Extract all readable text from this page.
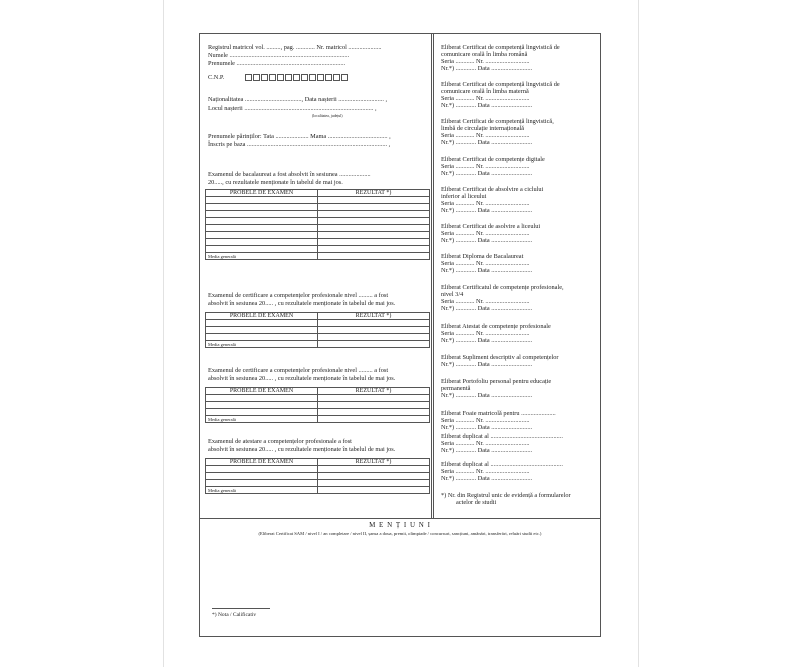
Registrul matricol vol. ........., pag. ............ Nr. matricol .....................
Numele ............................................................................
Prenumele .....................................................................
C.N.P.
Naționalitatea ...................................., Data nașterii ............................. ,
Locul nașterii .................................................................................. ,
(localitatea, județul)
Prenumele părinților: Tata ..................... Mama ...................................... ,
Înscris pe baza ......................................................................................... ,
Examenul de bacalaureat a fost absolvit în sesiunea ....................
20....., cu rezultatele menționate în tabelul de mai jos.
PROBELE DE EXAMEN	REZULTAT *)

Media generală	
Examenul de certificare a competențelor profesionale nivel ......... a fost
absolvit în sesiunea 20..... , cu rezultatele menționate în tabelul de mai jos.
PROBELE DE EXAMEN	REZULTAT *)

Media generală	
Examenul de certificare a competențelor profesionale nivel ......... a fost
absolvit în sesiunea 20..... , cu rezultatele menționate în tabelul de mai jos.
PROBELE DE EXAMEN	REZULTAT *)

Media generală	
Examenul de atestare a competențelor profesionale a fost
absolvit în sesiunea 20..... , cu rezultatele menționate în tabelul de mai jos.
PROBELE DE EXAMEN	REZULTAT *)

Media generală	
Eliberat Certificat de competență lingvistică de
comunicare orală în limba română
Seria ............ Nr. ............................
Nr.*) ............. Data ..........................
Eliberat Certificat de competență lingvistică de
comunicare orală în limba maternă
Seria ............ Nr. ............................
Nr.*) ............. Data ..........................
Eliberat Certificat de competență lingvistică,
limbă de circulație internațională
Seria ............ Nr. ............................
Nr.*) ............. Data ..........................
Eliberat Certificat de competențe digitale
Seria ............ Nr. ............................
Nr.*) ............. Data ..........................
Eliberat Certificat de absolvire a ciclului
inferior al liceului
Seria ............ Nr. ............................
Nr.*) ............. Data ..........................
Eliberat Certificat de asolvire a liceului
Seria ............ Nr. ............................
Nr.*) ............. Data ..........................
Eliberat Diploma de Bacalaureat
Seria ............ Nr. ............................
Nr.*) ............. Data ..........................
Eliberat Certificatul de competențe profesionale,
nivel 3/4
Seria ............ Nr. ............................
Nr.*) ............. Data ..........................
Eliberat Atestat de competențe profesionale
Seria ............ Nr. ............................
Nr.*) ............. Data ..........................
Eliberat Supliment descriptiv al competențelor
Nr.*) ............. Data ..........................
Eliberat Portofoliu personal pentru educație
permanentă
Nr.*) ............. Data ..........................
Eliberat Foaie matricolă pentru ......................
Seria ............ Nr. ............................
Nr.*) ............. Data ..........................
Eliberat duplicat al ..............................................
Seria ............ Nr. ............................
Nr.*) ............. Data ..........................
Eliberat duplicat al ..............................................
Seria ............ Nr. ............................
Nr.*) ............. Data ..........................
*) Nr. din Registrul unic de evidență a formularelor
actelor de studii
M E N Ț I U N I
(Eliberat Certificat SAM / nivel I / an completare / nivel II, șansa a doua, premii, olimpiade / concursuri, sancțiuni, amânări, transferări, reluări studii etc.)
*) Nota / Calificativ
